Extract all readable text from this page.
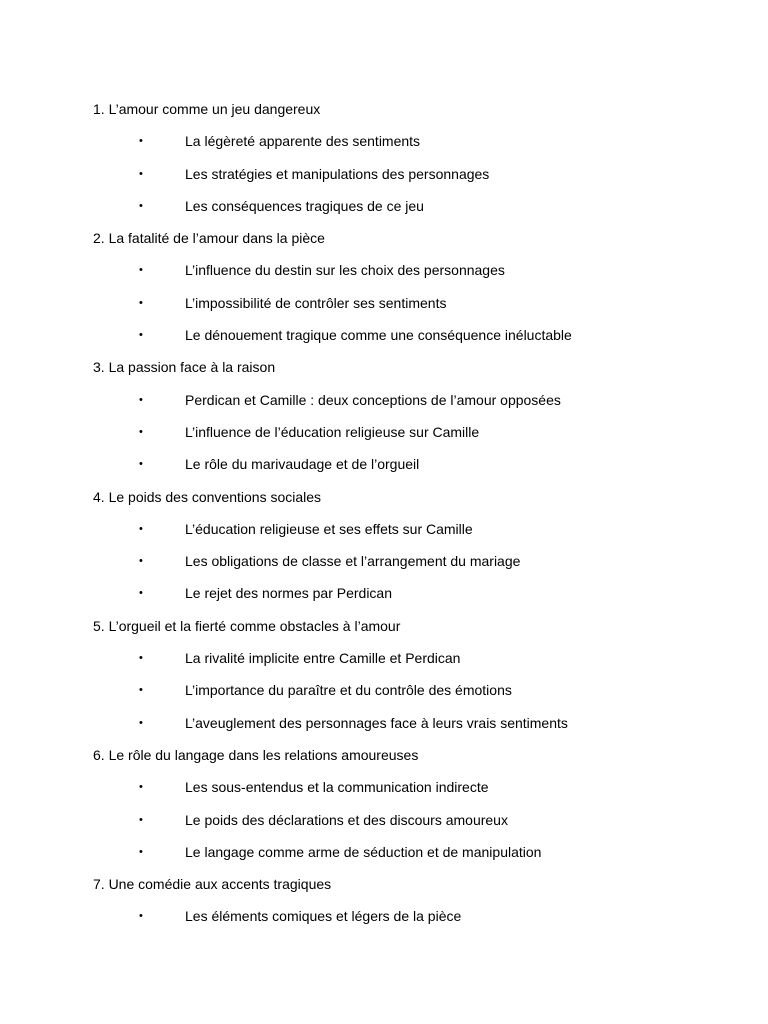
1. L’amour comme un jeu dangereux
•	La légèreté apparente des sentiments
•	Les stratégies et manipulations des personnages
•	Les conséquences tragiques de ce jeu
2. La fatalité de l’amour dans la pièce
•	L’influence du destin sur les choix des personnages
•	L’impossibilité de contrôler ses sentiments
•	Le dénouement tragique comme une conséquence inéluctable
3. La passion face à la raison
•	Perdican et Camille : deux conceptions de l’amour opposées
•	L’influence de l’éducation religieuse sur Camille
•	Le rôle du marivaudage et de l’orgueil
4. Le poids des conventions sociales
•	L’éducation religieuse et ses effets sur Camille
•	Les obligations de classe et l’arrangement du mariage
•	Le rejet des normes par Perdican
5. L’orgueil et la fierté comme obstacles à l’amour
•	La rivalité implicite entre Camille et Perdican
•	L’importance du paraître et du contrôle des émotions
•	L’aveuglement des personnages face à leurs vrais sentiments
6. Le rôle du langage dans les relations amoureuses
•	Les sous-entendus et la communication indirecte
•	Le poids des déclarations et des discours amoureux
•	Le langage comme arme de séduction et de manipulation
7. Une comédie aux accents tragiques
•	Les éléments comiques et légers de la pièce
